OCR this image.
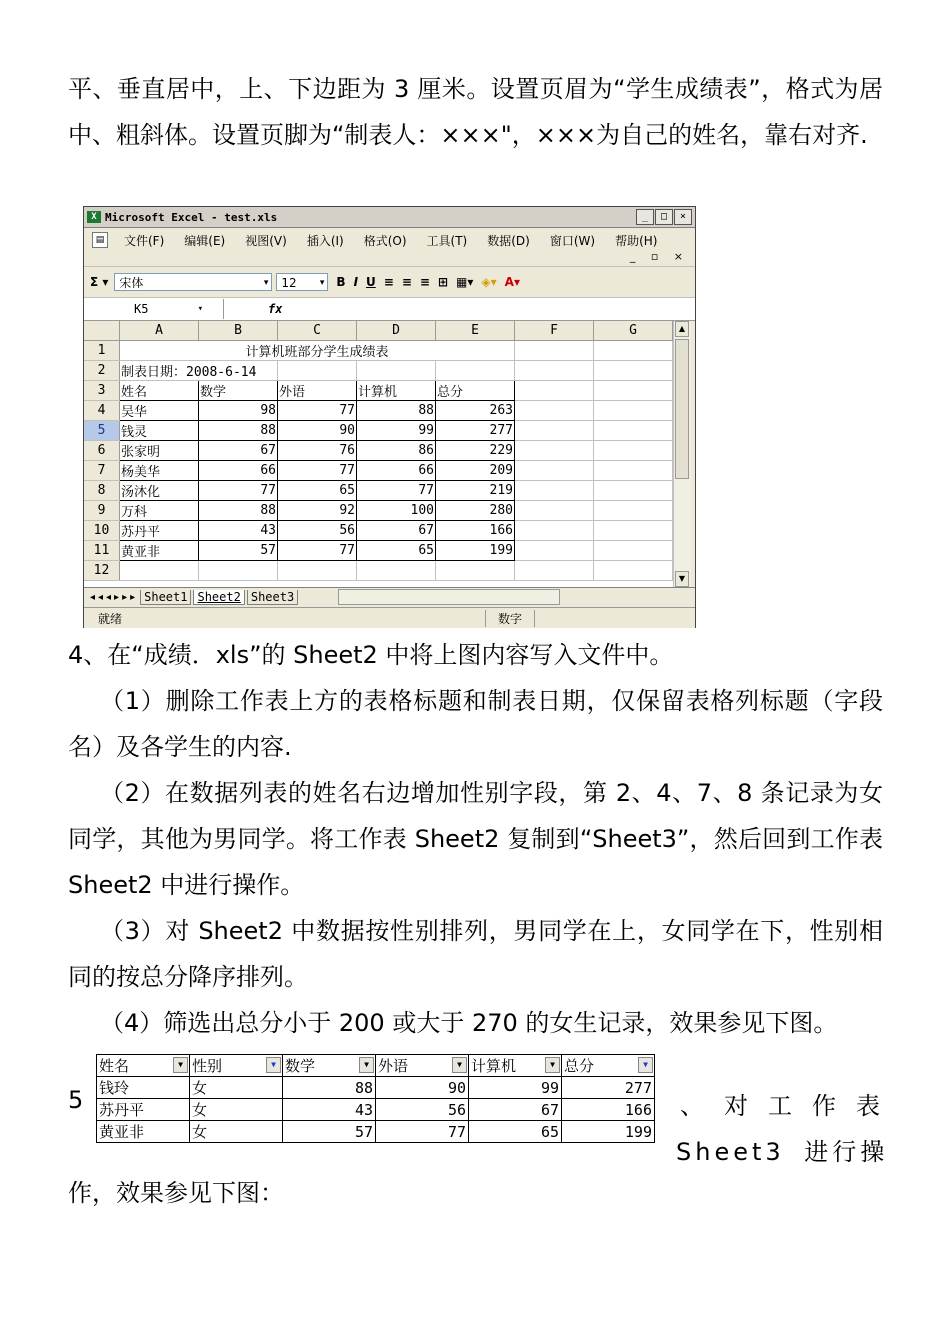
平、垂直居中，上、下边距为 3 厘米。设置页眉为“学生成绩表”，格式为居中、粗斜体。设置页脚为“制表人：×××"，×××为自己的姓名，靠右对齐.

X Microsoft Excel - test.xls	_	□	×
▤	文件(F) 编辑(E) 视图(V) 插入(I) 格式(O) 工具(T) 数据(D) 窗口(W) 帮助(H)
_ ▫ ×
Σ ▾ 宋体	▾	12	▾ B I U ≡ ≡ ≡ ⊞ ▦▾ ◈▾ A▾
K5	▾	fx
	A	B	C	D	E	F	G
1	计算机班部分学生成绩表						
2	制表日期：2008-6-14						
3	姓名	数学	外语	计算机	总分		
4	吴华	98	77	88	263		
5	钱灵	88	90	99	277		
6	张家明	67	76	86	229		
7	杨美华	66	77	66	209		
8	汤沐化	77	65	77	219		
9	万科	88	92	100	280		
10	苏丹平	43	56	67	166		
11	黄亚非	57	77	65	199		
12							
▲
▼
◂◂◂▸▸▸ Sheet1 Sheet2 Sheet3
就绪	数字

4、在“成绩．xls”的 Sheet2 中将上图内容写入文件中。

（1）删除工作表上方的表格标题和制表日期，仅保留表格列标题（字段名）及各学生的内容.

（2）在数据列表的姓名右边增加性别字段，第 2、4、7、8 条记录为女同学，其他为男同学。将工作表 Sheet2 复制到“Sheet3”，然后回到工作表 Sheet2 中进行操作。

（3）对 Sheet2 中数据按性别排列，男同学在上，女同学在下，性别相同的按总分降序排列。

（4）筛选出总分小于 200 或大于 270 的女生记录，效果参见下图。

5
姓名 ▼	性别 ▼	数学 ▼	外语 ▼	计算机 ▼	总分 ▼

钱玲	女	88	90	99	277
苏丹平	女	43	56	67	166
黄亚非	女	57	77	65	199
、对工作表
Sheet3 进行操

作，效果参见下图：
